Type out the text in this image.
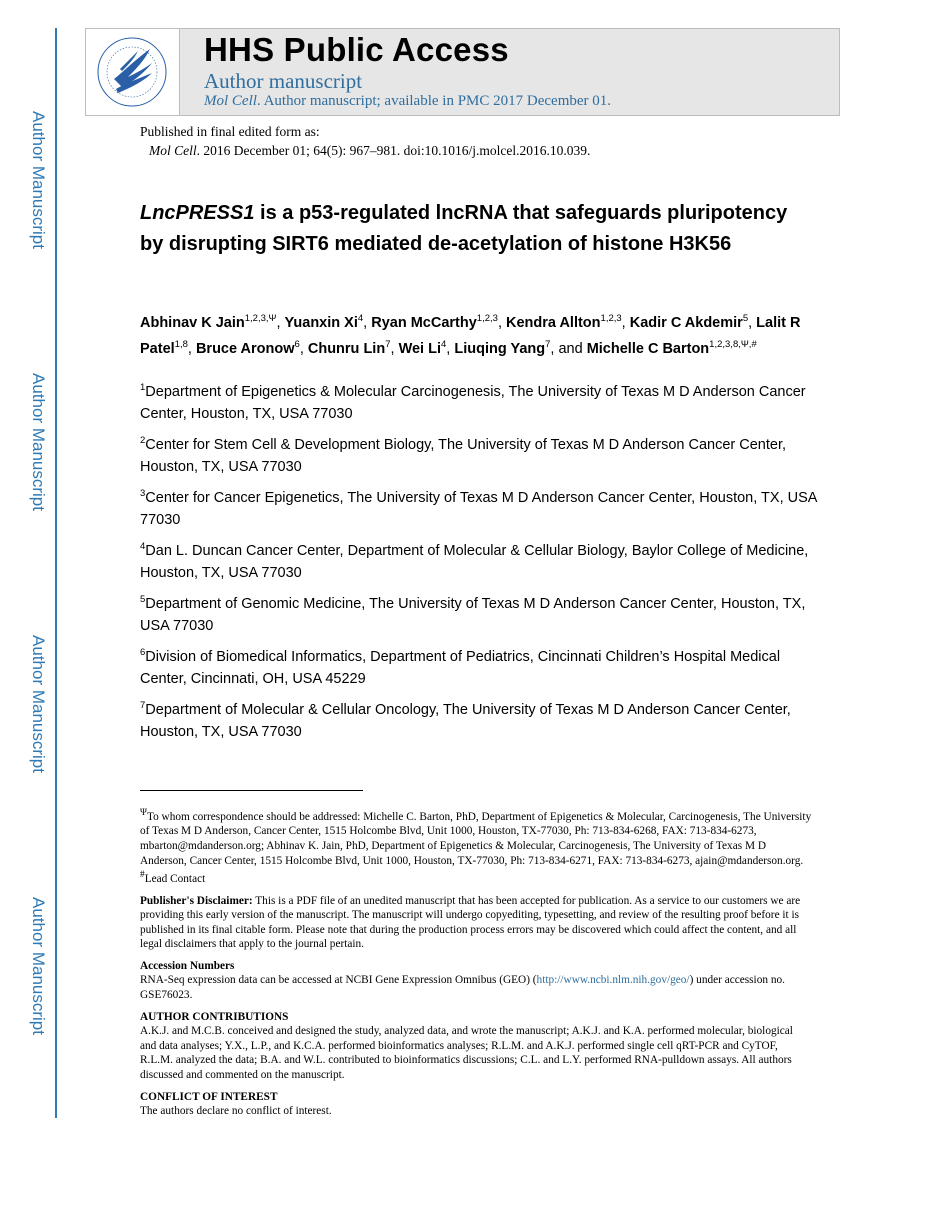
Author Manuscript
Author Manuscript
Author Manuscript
Author Manuscript
HHS Public Access
Author manuscript
Mol Cell. Author manuscript; available in PMC 2017 December 01.
Published in final edited form as:
Mol Cell. 2016 December 01; 64(5): 967–981. doi:10.1016/j.molcel.2016.10.039.
LncPRESS1 is a p53-regulated lncRNA that safeguards pluripotency by disrupting SIRT6 mediated de-acetylation of histone H3K56
Abhinav K Jain$^{1,2,3,\Psi}$, Yuanxin Xi$^4$, Ryan McCarthy$^{1,2,3}$, Kendra Allton$^{1,2,3}$, Kadir C Akdemir$^5$, Lalit R Patel$^{1,8}$, Bruce Aronow$^6$, Chunru Lin$^7$, Wei Li$^4$, Liuqing Yang$^7$, and Michelle C Barton$^{1,2,3,8,\Psi,\#}$
$^1$Department of Epigenetics & Molecular Carcinogenesis, The University of Texas M D Anderson Cancer Center, Houston, TX, USA 77030
$^2$Center for Stem Cell & Development Biology, The University of Texas M D Anderson Cancer Center, Houston, TX, USA 77030
$^3$Center for Cancer Epigenetics, The University of Texas M D Anderson Cancer Center, Houston, TX, USA 77030
$^4$Dan L. Duncan Cancer Center, Department of Molecular & Cellular Biology, Baylor College of Medicine, Houston, TX, USA 77030
$^5$Department of Genomic Medicine, The University of Texas M D Anderson Cancer Center, Houston, TX, USA 77030
$^6$Division of Biomedical Informatics, Department of Pediatrics, Cincinnati Children’s Hospital Medical Center, Cincinnati, OH, USA 45229
$^7$Department of Molecular & Cellular Oncology, The University of Texas M D Anderson Cancer Center, Houston, TX, USA 77030

$^\Psi$To whom correspondence should be addressed: Michelle C. Barton, PhD, Department of Epigenetics & Molecular, Carcinogenesis, The University of Texas M D Anderson, Cancer Center, 1515 Holcombe Blvd, Unit 1000, Houston, TX-77030, Ph: 713-834-6268, FAX: 713-834-6273, mbarton@mdanderson.org; Abhinav K. Jain, PhD, Department of Epigenetics & Molecular, Carcinogenesis, The University of Texas M D Anderson, Cancer Center, 1515 Holcombe Blvd, Unit 1000, Houston, TX-77030, Ph: 713-834-6271, FAX: 713-834-6273, ajain@mdanderson.org.

#Lead Contact

Publisher's Disclaimer: This is a PDF file of an unedited manuscript that has been accepted for publication. As a service to our customers we are providing this early version of the manuscript. The manuscript will undergo copyediting, typesetting, and review of the resulting proof before it is published in its final citable form. Please note that during the production process errors may be discovered which could affect the content, and all legal disclaimers that apply to the journal pertain.

Accession Numbers

RNA-Seq expression data can be accessed at NCBI Gene Expression Omnibus (GEO) (http://www.ncbi.nlm.nih.gov/geo/) under accession no. GSE76023.

AUTHOR CONTRIBUTIONS

A.K.J. and M.C.B. conceived and designed the study, analyzed data, and wrote the manuscript; A.K.J. and K.A. performed molecular, biological and data analyses; Y.X., L.P., and K.C.A. performed bioinformatics analyses; R.L.M. and A.K.J. performed single cell qRT-PCR and CyTOF, R.L.M. analyzed the data; B.A. and W.L. contributed to bioinformatics discussions; C.L. and L.Y. performed RNA-pulldown assays. All authors discussed and commented on the manuscript.

CONFLICT OF INTEREST

The authors declare no conflict of interest.
